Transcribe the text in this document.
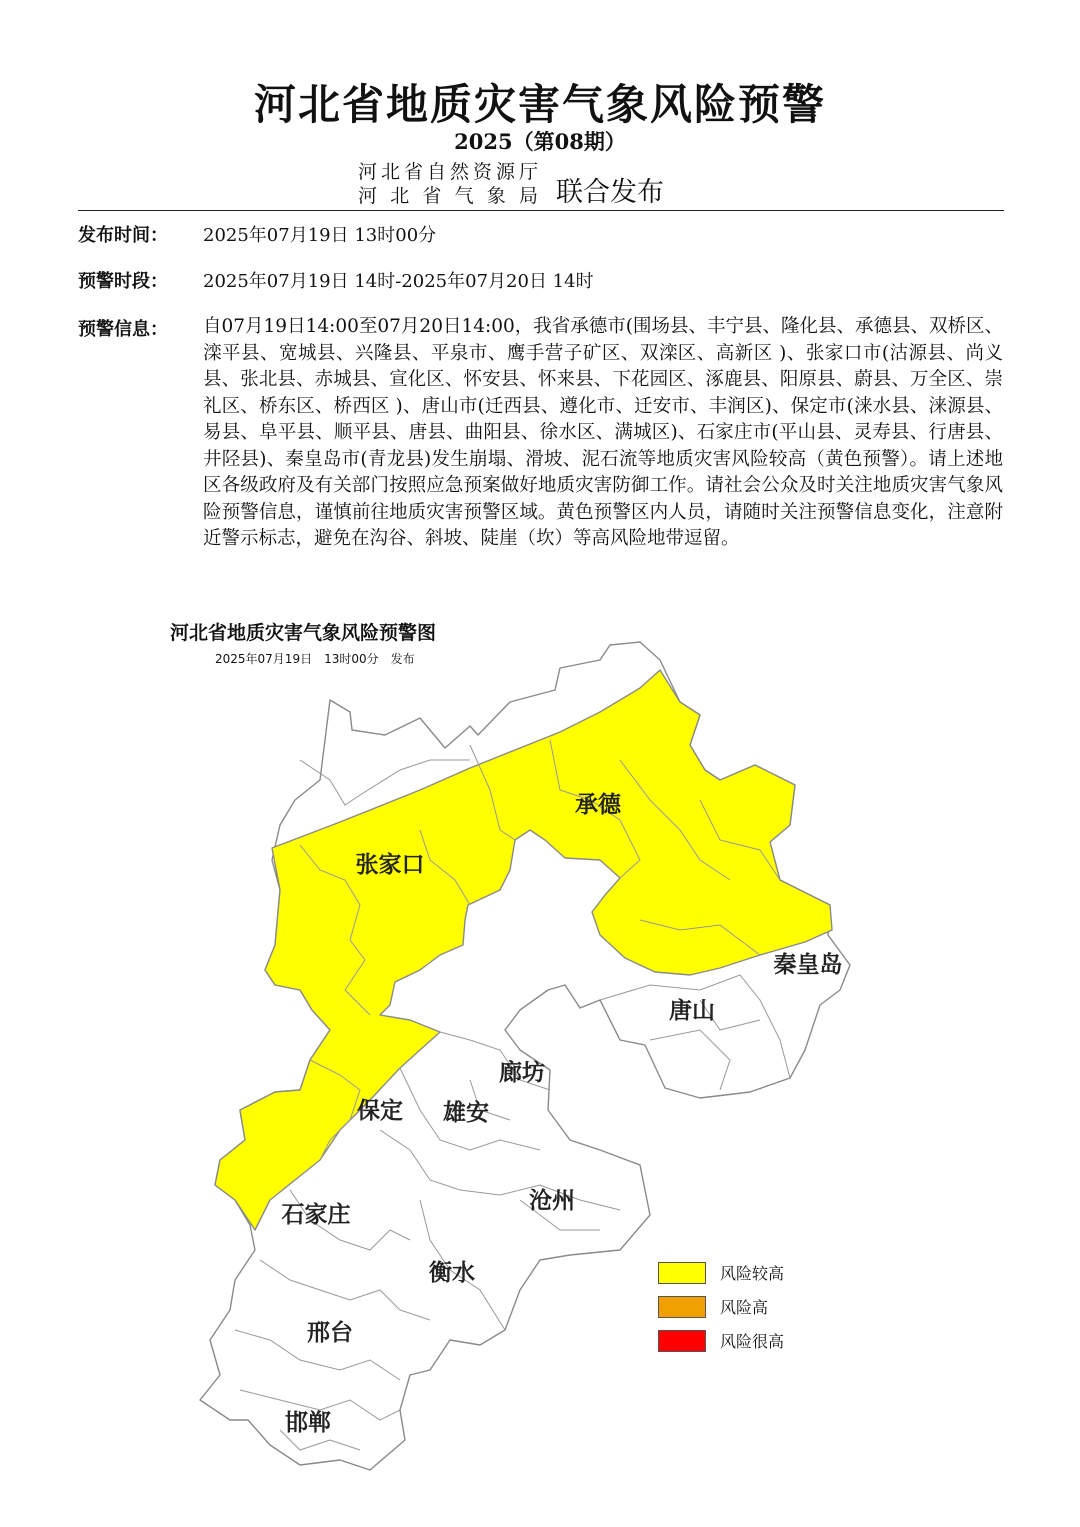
河北省地质灾害气象风险预警
2025（第08期）
河北省自然资源厅
河北省气象局 联合发布
发布时间： 2025年07月19日 13时00分
预警时段： 2025年07月19日 14时-2025年07月20日 14时
预警信息： 自07月19日14:00至07月20日14:00，我省承德市(围场县、丰宁县、隆化县、承德县、双桥区、滦平县、宽城县、兴隆县、平泉市、鹰手营子矿区、双滦区、高新区 )、张家口市(沽源县、尚义县、张北县、赤城县、宣化区、怀安县、怀来县、下花园区、涿鹿县、阳原县、蔚县、万全区、崇礼区、桥东区、桥西区 )、唐山市(迁西县、遵化市、迁安市、丰润区)、保定市(涞水县、涞源县、易县、阜平县、顺平县、唐县、曲阳县、徐水区、满城区)、石家庄市(平山县、灵寿县、行唐县、井陉县)、秦皇岛市(青龙县)发生崩塌、滑坡、泥石流等地质灾害风险较高（黄色预警）。请上述地区各级政府及有关部门按照应急预案做好地质灾害防御工作。请社会公众及时关注地质灾害气象风险预警信息，谨慎前往地质灾害预警区域。黄色预警区内人员，请随时关注预警信息变化，注意附近警示标志，避免在沟谷、斜坡、陡崖（坎）等高风险地带逗留。
河北省地质灾害气象风险预警图
2025年07月19日　13时00分　发布
承德
张家口
秦皇岛
唐山
廊坊
保定 雄安
沧州
石家庄
衡水
邢台
邯郸
风险较高
风险高
风险很高
